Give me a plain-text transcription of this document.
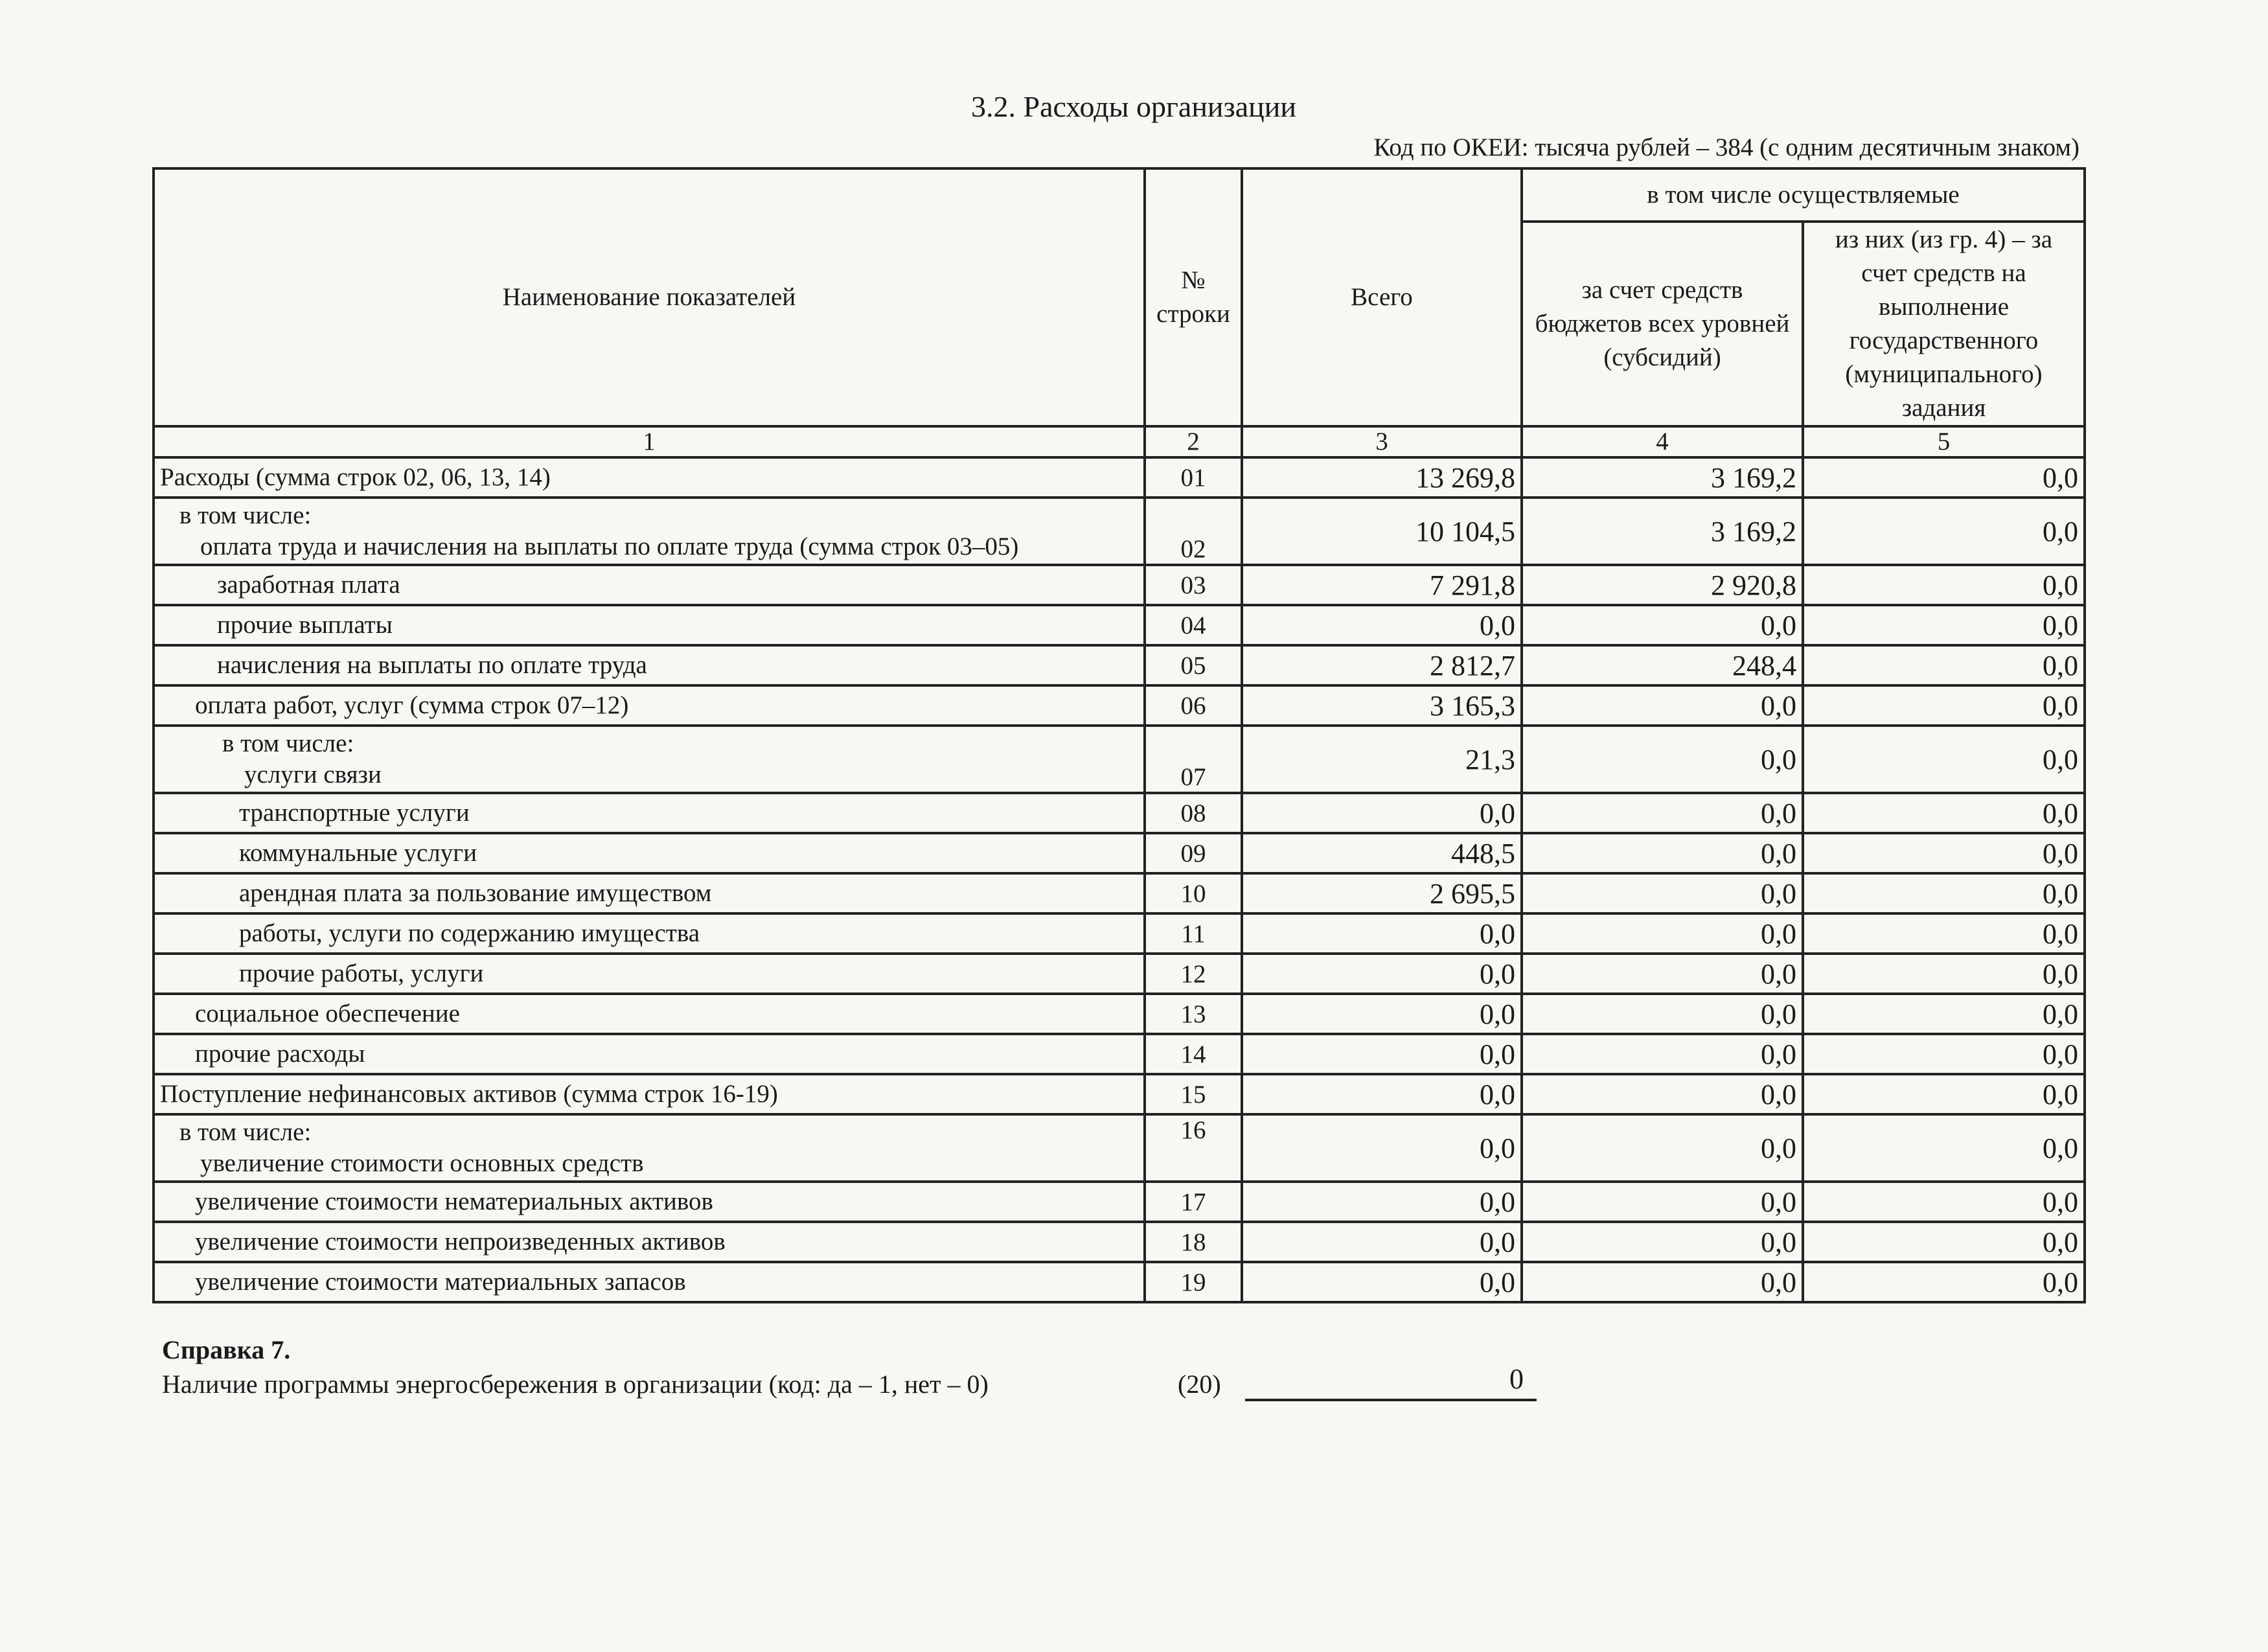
3.2. Расходы организации
Код по ОКЕИ: тысяча рублей – 384 (с одним десятичным знаком)
Наименование показателей	№ строки	Всего	в том числе осуществляемые	
			за счет средств бюджетов всех уровней (субсидий)	из них (из гр. 4) – за счет средств на выполнение государственного (муниципального) задания
1	2	3	4	5
Расходы (сумма строк 02, 06, 13, 14)	01	13 269,8	3 169,2	0,0

в том числе:
оплата труда и начисления на выплаты по оплате труда (сумма строк 03–05)	02	10 104,5	3 169,2	0,0
заработная плата	03	7 291,8	2 920,8	0,0
прочие выплаты	04	0,0	0,0	0,0
начисления на выплаты по оплате труда	05	2 812,7	248,4	0,0
оплата работ, услуг (сумма строк 07–12)	06	3 165,3	0,0	0,0

в том числе:
услуги связи	07	21,3	0,0	0,0
транспортные услуги	08	0,0	0,0	0,0
коммунальные услуги	09	448,5	0,0	0,0
арендная плата за пользование имуществом	10	2 695,5	0,0	0,0
работы, услуги по содержанию имущества	11	0,0	0,0	0,0
прочие работы, услуги	12	0,0	0,0	0,0
социальное обеспечение	13	0,0	0,0	0,0
прочие расходы	14	0,0	0,0	0,0
Поступление нефинансовых активов (сумма строк 16-19)	15	0,0	0,0	0,0

в том числе:
увеличение стоимости основных средств	16	0,0	0,0	0,0
увеличение стоимости нематериальных активов	17	0,0	0,0	0,0
увеличение стоимости непроизведенных активов	18	0,0	0,0	0,0
увеличение стоимости материальных запасов	19	0,0	0,0	0,0
Справка 7.
Наличие программы энергосбережения в организации (код: да – 1, нет – 0)	(20)	0
